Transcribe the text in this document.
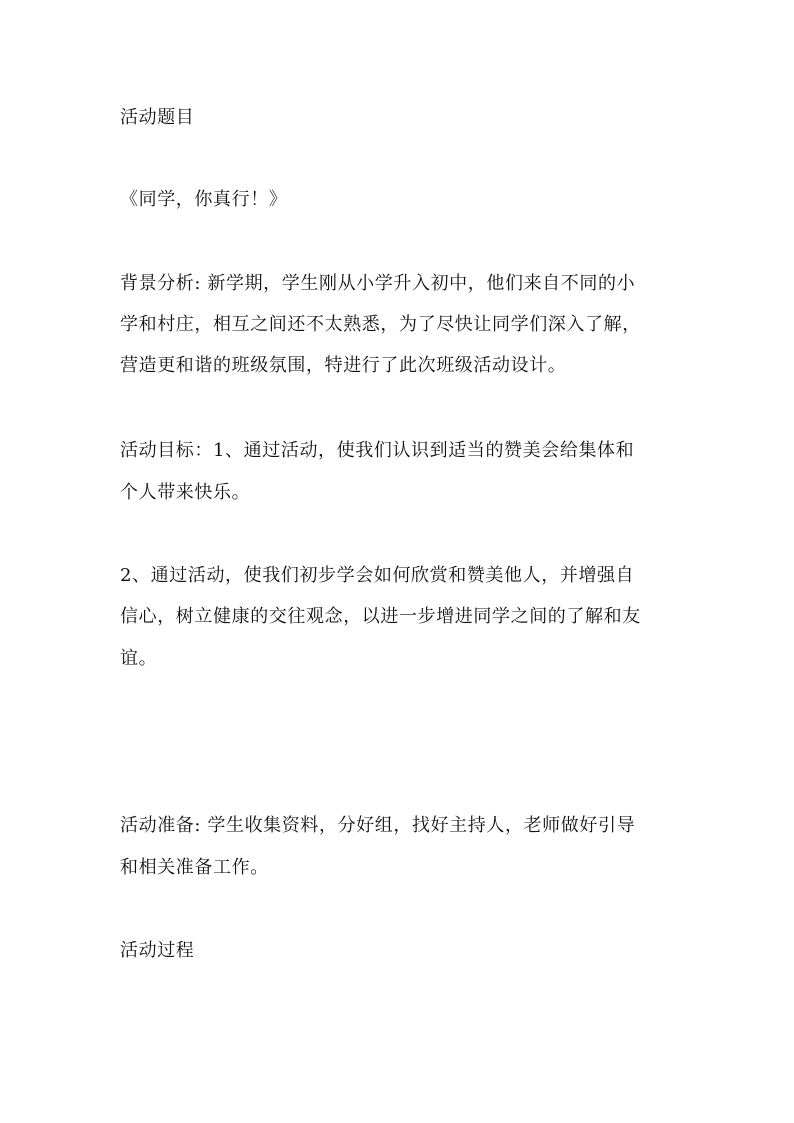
活动题目
《同学，你真行！》
背景分析: 新学期，学生刚从小学升入初中，他们来自不同的小
学和村庄，相互之间还不太熟悉，为了尽快让同学们深入了解，
营造更和谐的班级氛围，特进行了此次班级活动设计。
活动目标：1、通过活动，使我们认识到适当的赞美会给集体和
个人带来快乐。
2、通过活动，使我们初步学会如何欣赏和赞美他人，并增强自
信心，树立健康的交往观念，以进一步增进同学之间的了解和友
谊。
活动准备: 学生收集资料，分好组，找好主持人，老师做好引导
和相关准备工作。
活动过程
